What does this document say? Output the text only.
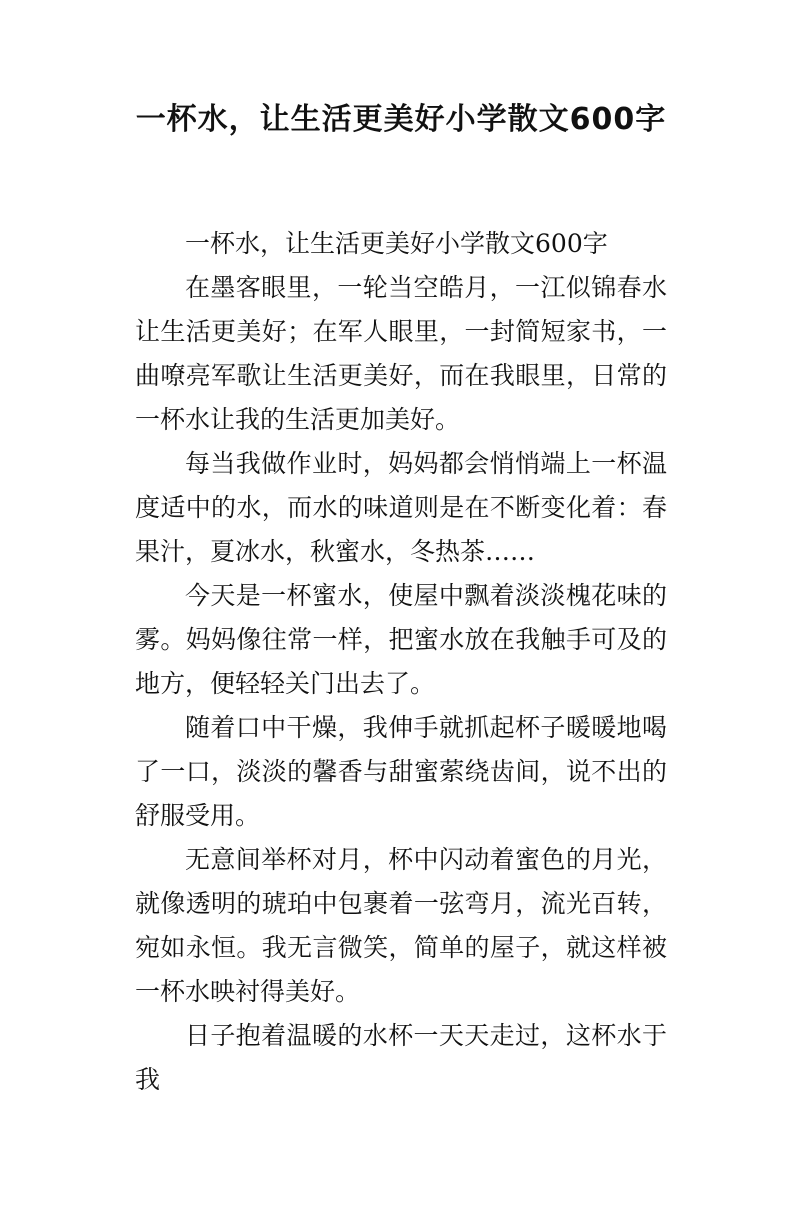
一杯水，让生活更美好小学散文600字

一杯水，让生活更美好小学散文600字

在墨客眼里，一轮当空皓月，一江似锦春水让生活更美好；在军人眼里，一封简短家书，一曲嘹亮军歌让生活更美好，而在我眼里，日常的一杯水让我的生活更加美好。

每当我做作业时，妈妈都会悄悄端上一杯温度适中的水，而水的味道则是在不断变化着：春果汁，夏冰水，秋蜜水，冬热茶……

今天是一杯蜜水，使屋中飘着淡淡槐花味的雾。妈妈像往常一样，把蜜水放在我触手可及的地方，便轻轻关门出去了。

随着口中干燥，我伸手就抓起杯子暖暖地喝了一口，淡淡的馨香与甜蜜萦绕齿间，说不出的舒服受用。

无意间举杯对月，杯中闪动着蜜色的月光，就像透明的琥珀中包裹着一弦弯月，流光百转，宛如永恒。我无言微笑，简单的屋子，就这样被一杯水映衬得美好。

日子抱着温暖的水杯一天天走过，这杯水于我
